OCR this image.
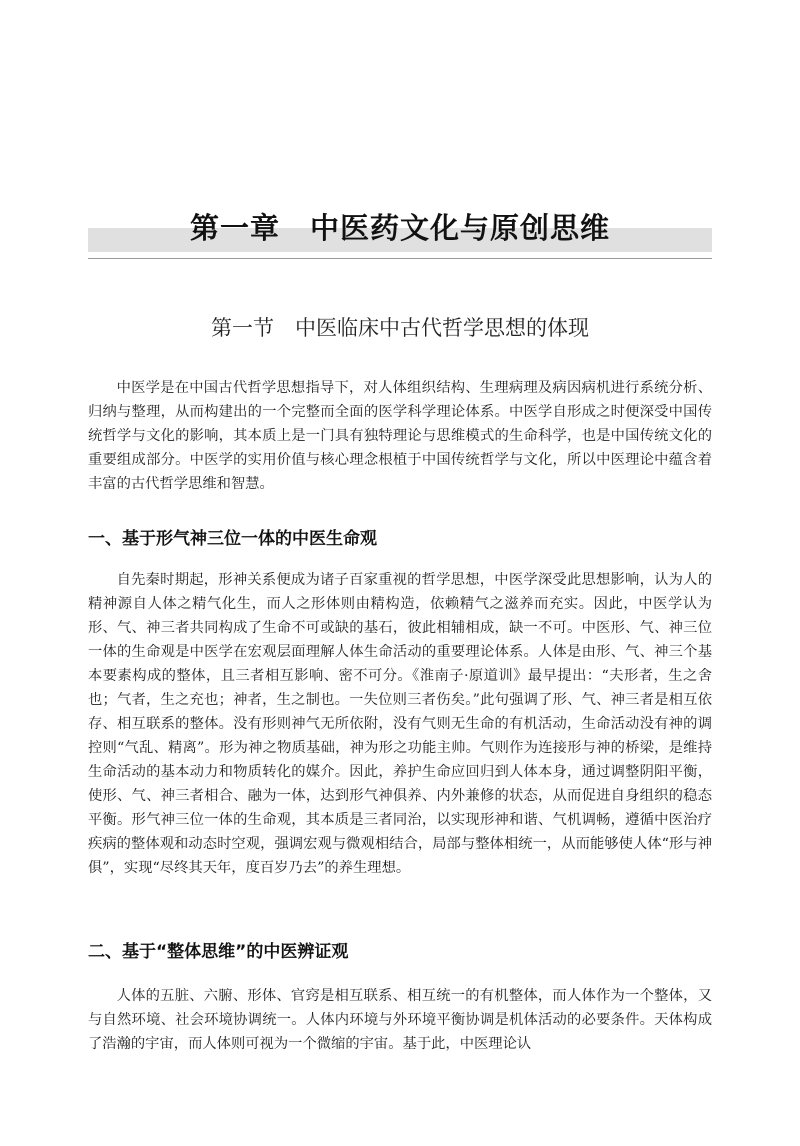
第一章　中医药文化与原创思维
第一节　中医临床中古代哲学思想的体现

中医学是在中国古代哲学思想指导下，对人体组织结构、生理病理及病因病机进行系统分析、归纳与整理，从而构建出的一个完整而全面的医学科学理论体系。中医学自形成之时便深受中国传统哲学与文化的影响，其本质上是一门具有独特理论与思维模式的生命科学，也是中国传统文化的重要组成部分。中医学的实用价值与核心理念根植于中国传统哲学与文化，所以中医理论中蕴含着丰富的古代哲学思维和智慧。

一、基于形气神三位一体的中医生命观

自先秦时期起，形神关系便成为诸子百家重视的哲学思想，中医学深受此思想影响，认为人的精神源自人体之精气化生，而人之形体则由精构造，依赖精气之滋养而充实。因此，中医学认为形、气、神三者共同构成了生命不可或缺的基石，彼此相辅相成，缺一不可。中医形、气、神三位一体的生命观是中医学在宏观层面理解人体生命活动的重要理论体系。人体是由形、气、神三个基本要素构成的整体，且三者相互影响、密不可分。《淮南子·原道训》最早提出：“夫形者，生之舍也；气者，生之充也；神者，生之制也。一失位则三者伤矣。”此句强调了形、气、神三者是相互依存、相互联系的整体。没有形则神气无所依附，没有气则无生命的有机活动，生命活动没有神的调控则“气乱、精离”。形为神之物质基础，神为形之功能主帅。气则作为连接形与神的桥梁，是维持生命活动的基本动力和物质转化的媒介。因此，养护生命应回归到人体本身，通过调整阴阳平衡，使形、气、神三者相合、融为一体，达到形气神俱养、内外兼修的状态，从而促进自身组织的稳态平衡。形气神三位一体的生命观，其本质是三者同治，以实现形神和谐、气机调畅，遵循中医治疗疾病的整体观和动态时空观，强调宏观与微观相结合，局部与整体相统一，从而能够使人体“形与神俱”，实现“尽终其天年，度百岁乃去”的养生理想。

二、基于“整体思维”的中医辨证观

人体的五脏、六腑、形体、官窍是相互联系、相互统一的有机整体，而人体作为一个整体，又与自然环境、社会环境协调统一。人体内环境与外环境平衡协调是机体活动的必要条件。天体构成了浩瀚的宇宙，而人体则可视为一个微缩的宇宙。基于此，中医理论认
